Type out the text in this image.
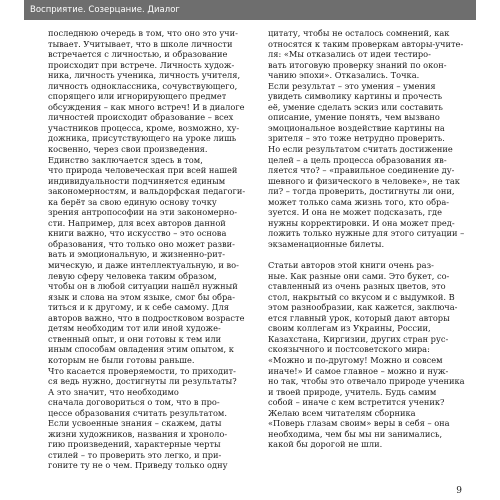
Восприятие. Созерцание. Диалог
последнюю очередь в том, что оно это учи-
тывает. Учитывает, что в школе личности
встречается с личностью, и образование
происходит при встрече. Личность худож-
ника, личность ученика, личность учителя,
личность одноклассника, сочувствующего,
спорящего или игнорирующего предмет
обсуждения – как много встреч! И в диалоге
личностей происходит образование – всех
участников процесса, кроме, возможно, ху-
дожника, присутствующего на уроке лишь
косвенно, через свои произведения.
Единство заключается здесь в том,
что природа человеческая при всей нашей
индивидуальности подчиняется единым
закономерностям, и вальдорфская педагоги-
ка берёт за свою единую основу точку
зрения антропософии на эти закономерно-
сти. Например, для всех авторов данной
книги важно, что искусство – это основа
образования, что только оно может разви-
вать и эмоциональную, и жизненно-рит-
мическую, и даже интеллектуальную, и во-
левую сферу человека таким образом,
чтобы он в любой ситуации нашёл нужный
язык и слова на этом языке, смог бы обра-
титься и к другому, и к себе самому. Для
авторов важно, что в подростковом возрасте
детям необходим тот или иной художе-
ственный опыт, и они готовы к тем или
иным способам овладения этим опытом, к
которым не были готовы раньше.
Что касается проверяемости, то приходит-
ся ведь нужно, достигнуты ли результаты?
А это значит, что необходимо
сначала договориться о том, что в про-
цессе образования считать результатом.
Если усвоенные знания – скажем, даты
жизни художников, названия и хроноло-
гию произведений, характерные черты
стилей – то проверить это легко, и при-
гоните ту не о чем. Приведу только одну
цитату, чтобы не осталось сомнений, как
относятся к таким проверкам авторы-учите-
ля: «Мы отказались от идеи тестиро-
вать итоговую проверку знаний по окон-
чанию эпохи». Отказались. Точка.
Если результат – это умения – умения
увидеть символику картины и прочесть
её, умение сделать эскиз или составить
описание, умение понять, чем вызвано
эмоциональное воздействие картины на
зрителя – это тоже нетрудно проверить.
Но если результатом считать достижение
целей – а цель процесса образования яв-
ляется что? – «правильное соединение ду-
шевного и физического в человеке», не так
ли? – тогда проверить, достигнуты ли они,
может только сама жизнь того, кто обра-
зуется. И она не может подсказать, где
нужны корректировки. И она может пред-
ложить только нужные для этого ситуации –
экзаменационные билеты.

Статьи авторов этой книги очень раз-
ные. Как разные они сами. Это букет, со-
ставленный из очень разных цветов, это
стол, накрытый со вкусом и с выдумкой. В
этом разнообразии, как кажется, заключа-
ется главный урок, который дают авторы
своим коллегам из Украины, России,
Казахстана, Киргизии, других стран рус-
скоязычного и постсоветского мира:
«Можно и по-другому! Можно и совсем
иначе!» И самое главное – можно и нуж-
но так, чтобы это отвечало природе ученика
и твоей природе, учитель. Будь самим
собой – иначе с кем встретится ученик?
Желаю всем читателям сборника
«Поверь глазам своим» веры в себя – она
необходима, чем бы мы ни занимались,
какой бы дорогой не шли.
9
